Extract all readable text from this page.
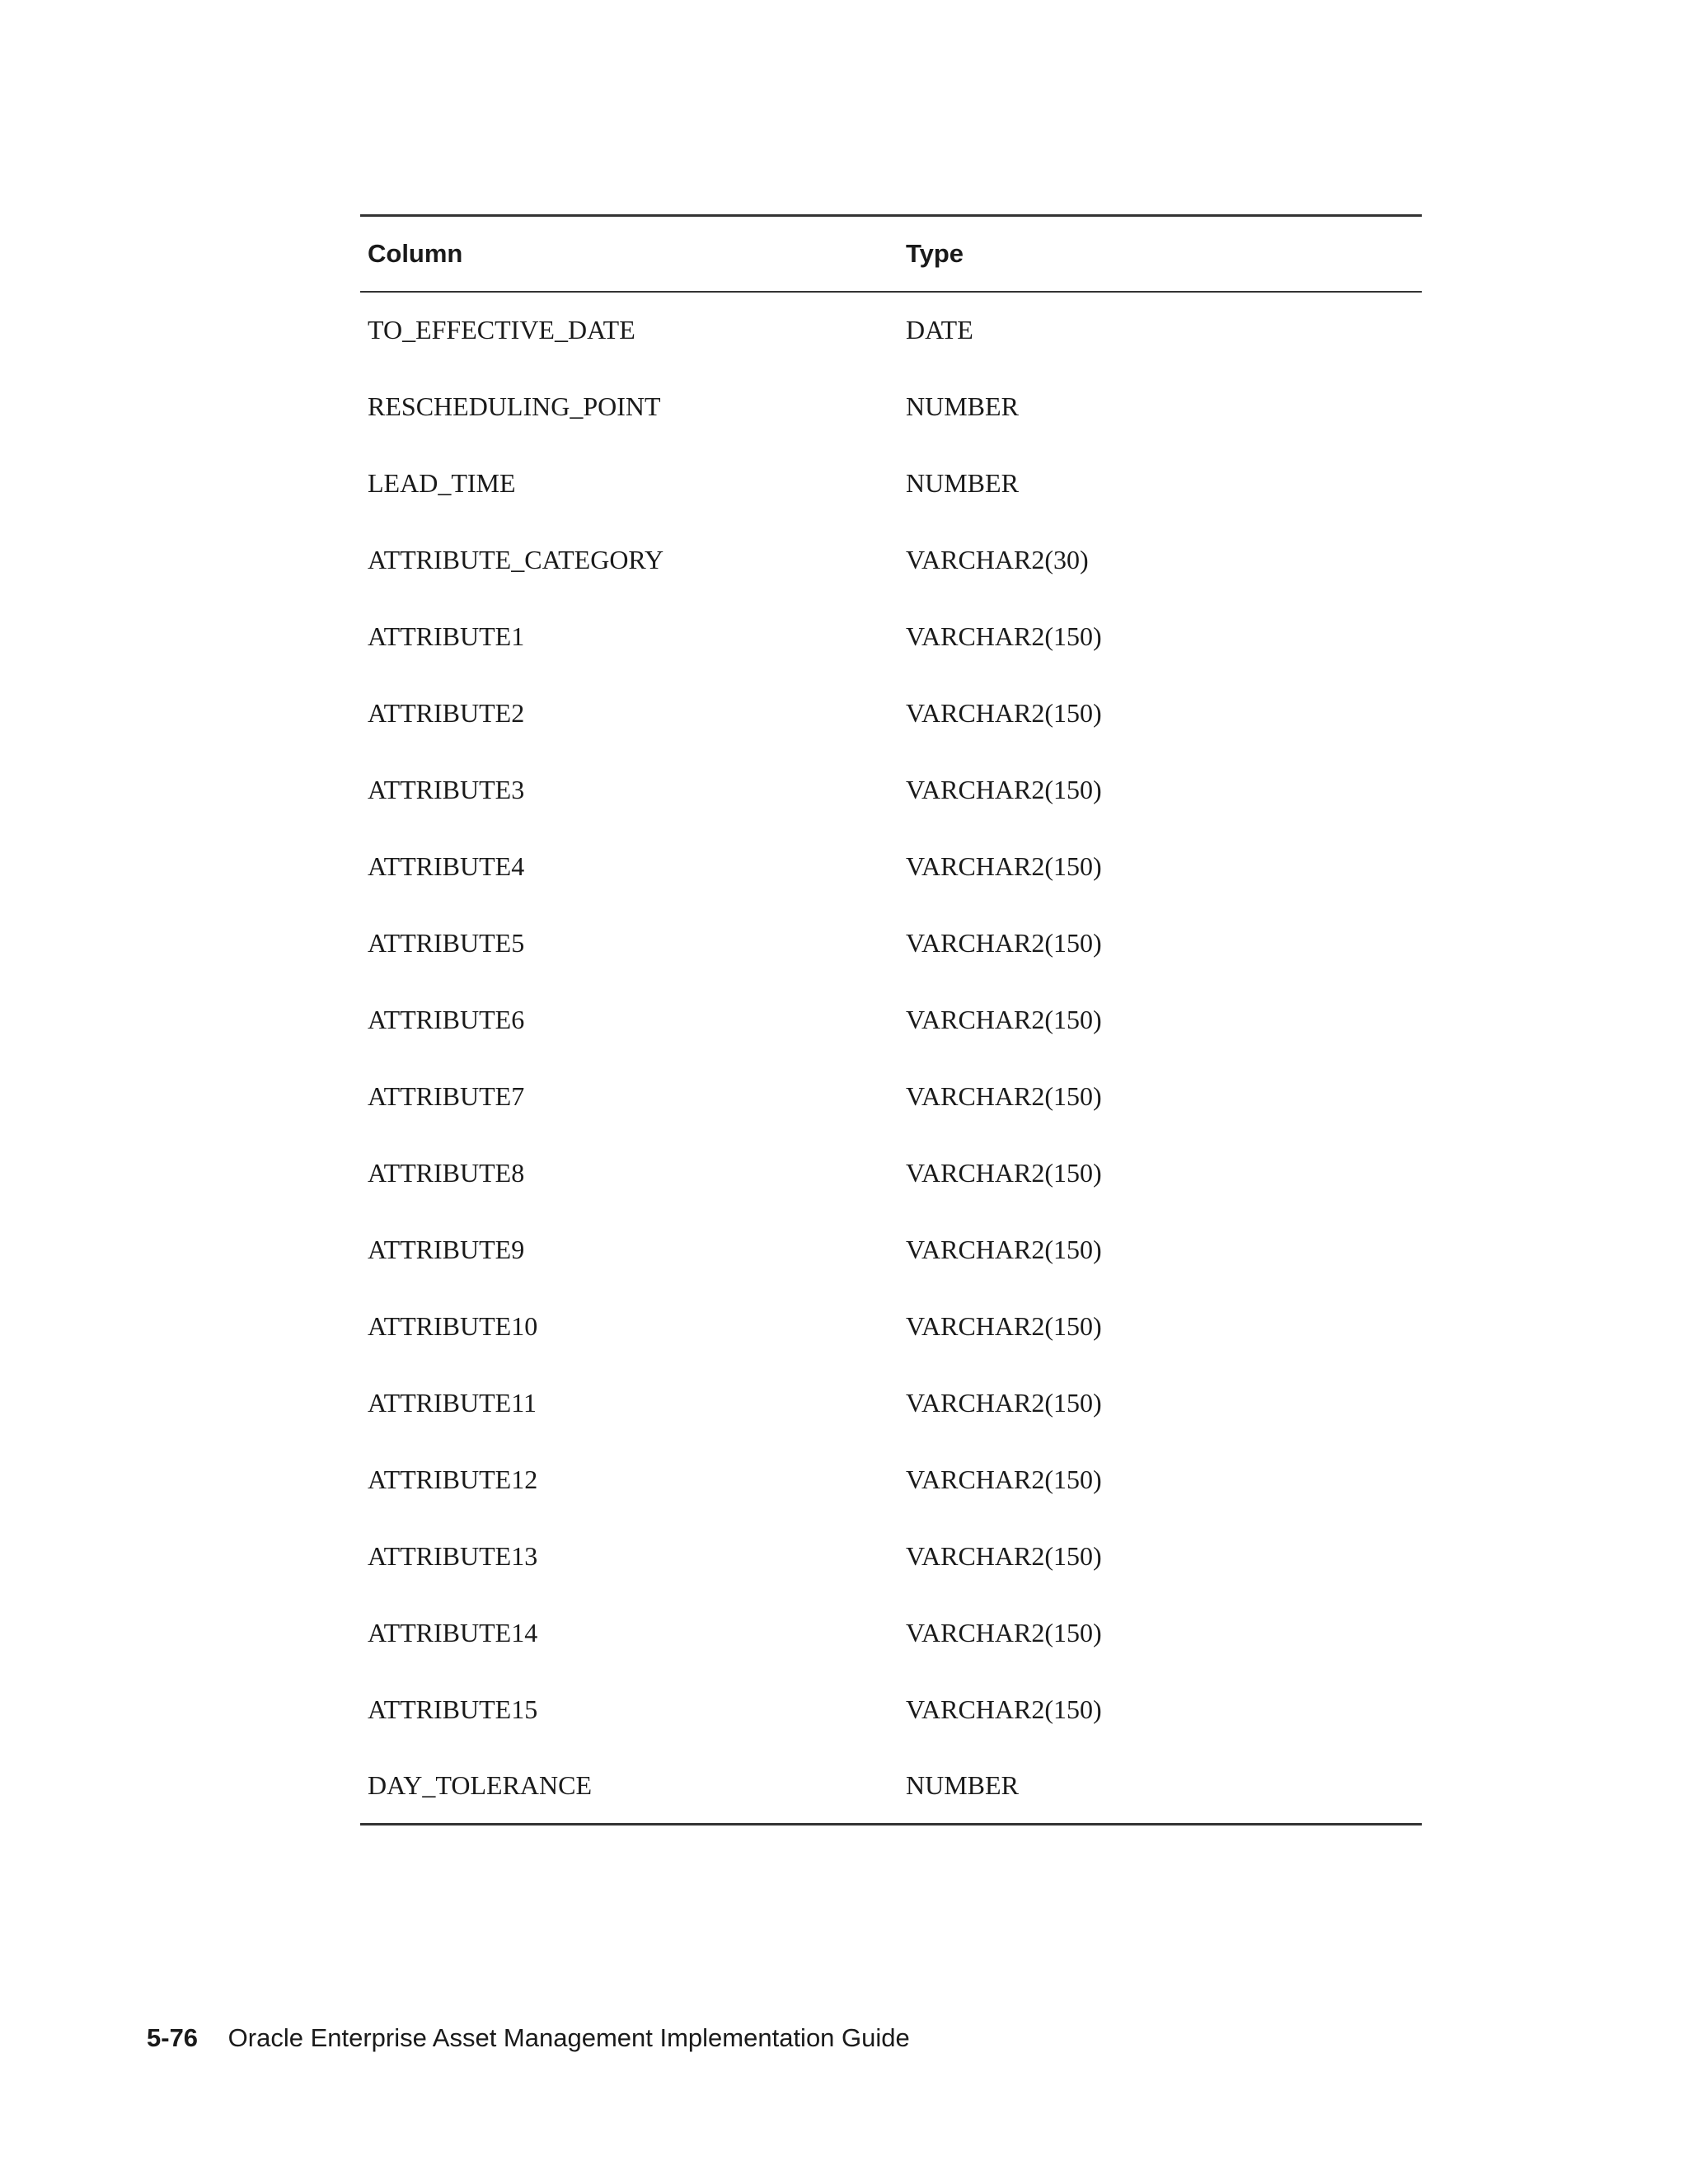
Column	Type
TO_EFFECTIVE_DATE	DATE
RESCHEDULING_POINT	NUMBER
LEAD_TIME	NUMBER
ATTRIBUTE_CATEGORY	VARCHAR2(30)
ATTRIBUTE1	VARCHAR2(150)
ATTRIBUTE2	VARCHAR2(150)
ATTRIBUTE3	VARCHAR2(150)
ATTRIBUTE4	VARCHAR2(150)
ATTRIBUTE5	VARCHAR2(150)
ATTRIBUTE6	VARCHAR2(150)
ATTRIBUTE7	VARCHAR2(150)
ATTRIBUTE8	VARCHAR2(150)
ATTRIBUTE9	VARCHAR2(150)
ATTRIBUTE10	VARCHAR2(150)
ATTRIBUTE11	VARCHAR2(150)
ATTRIBUTE12	VARCHAR2(150)
ATTRIBUTE13	VARCHAR2(150)
ATTRIBUTE14	VARCHAR2(150)
ATTRIBUTE15	VARCHAR2(150)
DAY_TOLERANCE	NUMBER
5-76 Oracle Enterprise Asset Management Implementation Guide
